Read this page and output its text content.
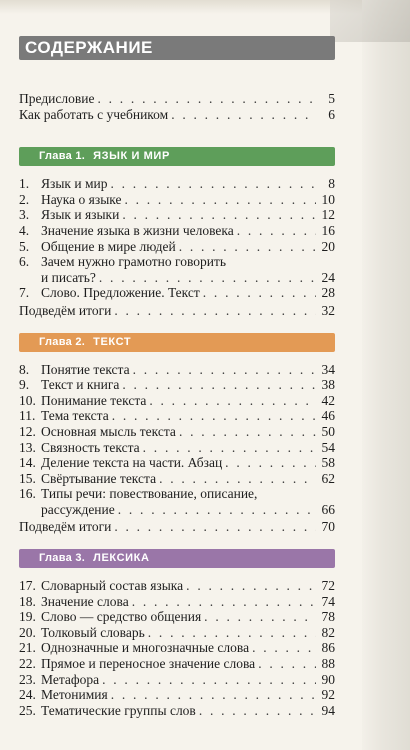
СОДЕРЖАНИЕ
Предисловие . . .	5
Как работать с учебником . . .	6
Глава 1. ЯЗЫК И МИР
1. Язык и мир . . .	8
2. Наука о языке . . .	10
3. Язык и языки . . .	12
4. Значение языка в жизни человека . . .	16
5. Общение в мире людей . . .	20
6. Зачем нужно грамотно говорить
и писать? . . .	24
7. Слово. Предложение. Текст . . .	28
Подведём итоги . . .	32
Глава 2. ТЕКСТ
8. Понятие текста . . .	34
9. Текст и книга . . .	38
10. Понимание текста . . .	42
11. Тема текста . . .	46
12. Основная мысль текста . . .	50
13. Связность текста . . .	54
14. Деление текста на части. Абзац . . .	58
15. Свёртывание текста . . .	62
16. Типы речи: повествование, описание,
рассуждение . . .	66
Подведём итоги . . .	70
Глава 3. ЛЕКСИКА
17. Словарный состав языка . . .	72
18. Значение слова . . .	74
19. Слово — средство общения . . .	78
20. Толковый словарь . . .	82
21. Однозначные и многозначные слова . . .	86
22. Прямое и переносное значение слова . . .	88
23. Метафора . . .	90
24. Метонимия . . .	92
25. Тематические группы слов . . .	94
